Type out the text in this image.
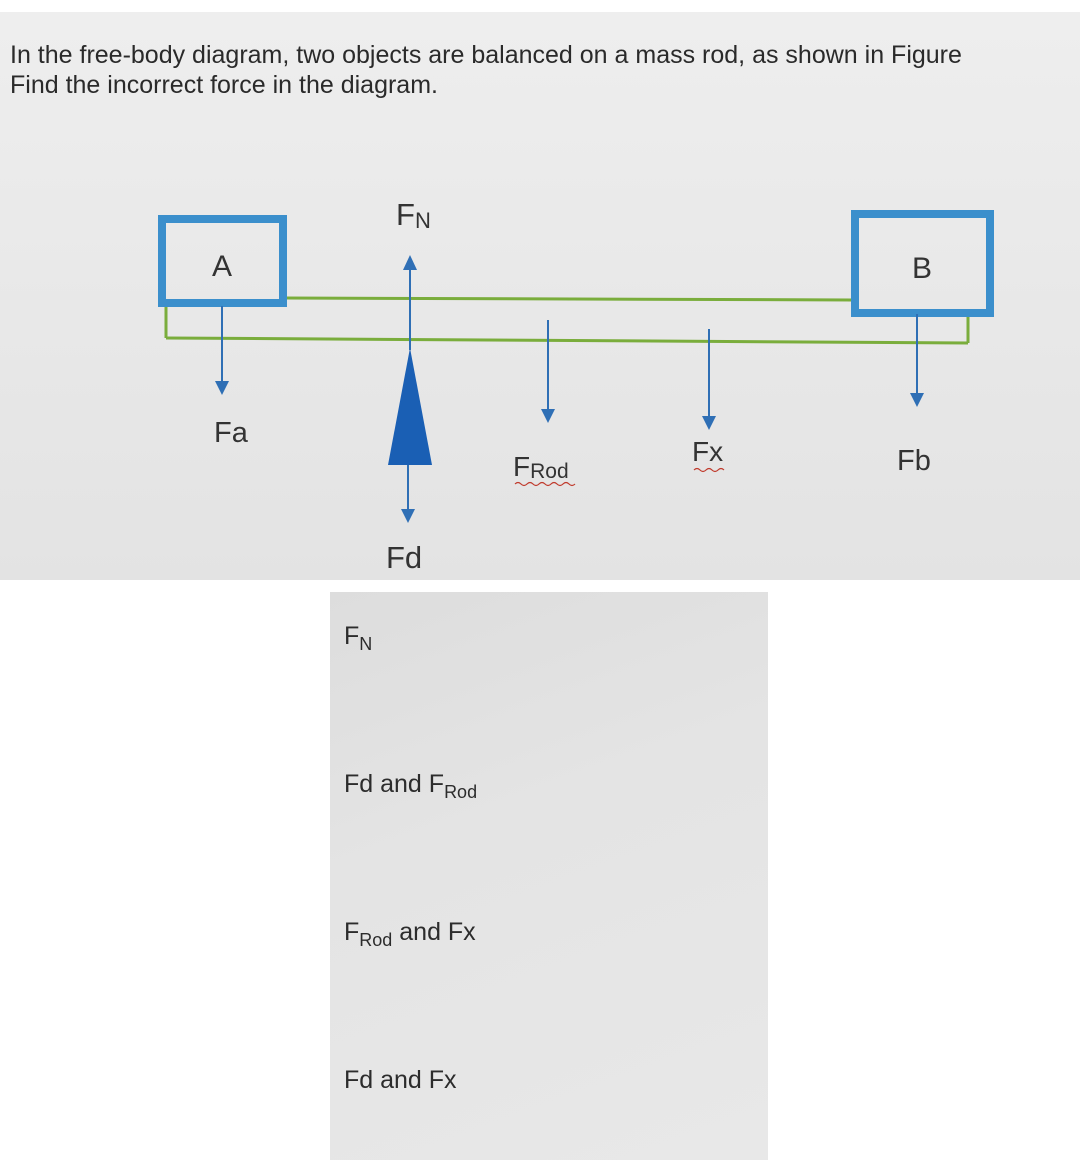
In the free-body diagram, two objects are balanced on a mass rod, as shown in Figure
Find the incorrect force in the diagram.
A	B
Fa
FN
Fd
FRod
Fx	Fb
$F_N$
Fd and $F_{Rod}$
$F_{Rod}$ and Fx
Fd and Fx
